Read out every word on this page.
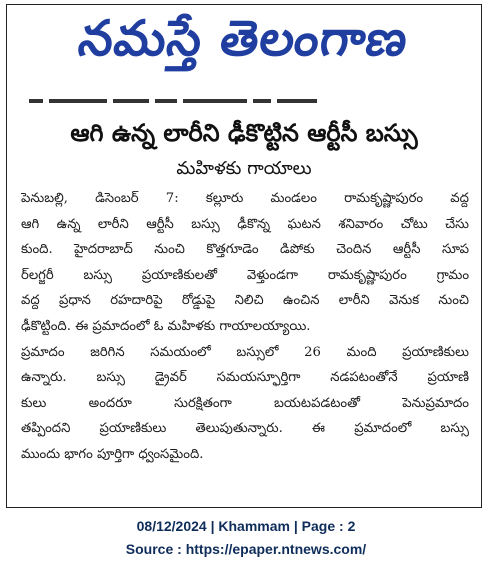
నమస్తే తెలంగాణ
ఆగి ఉన్న లారీని ఢీకొట్టిన ఆర్టీసీ బస్సు
మహిళకు గాయాలు
పెనుబల్లి, డిసెంబర్ 7: కల్లూరు మండలం రామకృష్ణాపురం వద్ద
ఆగి ఉన్న లారీని ఆర్టీసీ బస్సు ఢీకొన్న ఘటన శనివారం చోటు చేసు
కుంది. హైదరాబాద్ నుంచి కొత్తగూడెం డిపోకు చెందిన ఆర్టీసీ సూప
ర్‌లగ్జరీ బస్సు ప్రయాణికులతో వెళ్తుండగా రామకృష్ణాపురం గ్రామం
వద్ద ప్రధాన రహదారిపై రోడ్డుపై నిలిచి ఉంచిన లారీని వెనుక నుంచి
ఢీకొట్టింది. ఈ ప్రమాదంలో ఓ మహిళకు గాయాలయ్యాయి.
ప్రమాదం జరిగిన సమయంలో బస్సులో 26 మంది ప్రయాణికులు
ఉన్నారు. బస్సు డ్రైవర్ సమయస్ఫూర్తిగా నడపటంతోనే ప్రయాణి
కులు అందరూ సురక్షితంగా బయటపడటంతో పెనుప్రమాదం
తప్పిందని ప్రయాణికులు తెలుపుతున్నారు. ఈ ప్రమాదంలో బస్సు
ముందు భాగం పూర్తిగా ధ్వంసమైంది.
08/12/2024 | Khammam | Page : 2
Source : https://epaper.ntnews.com/
